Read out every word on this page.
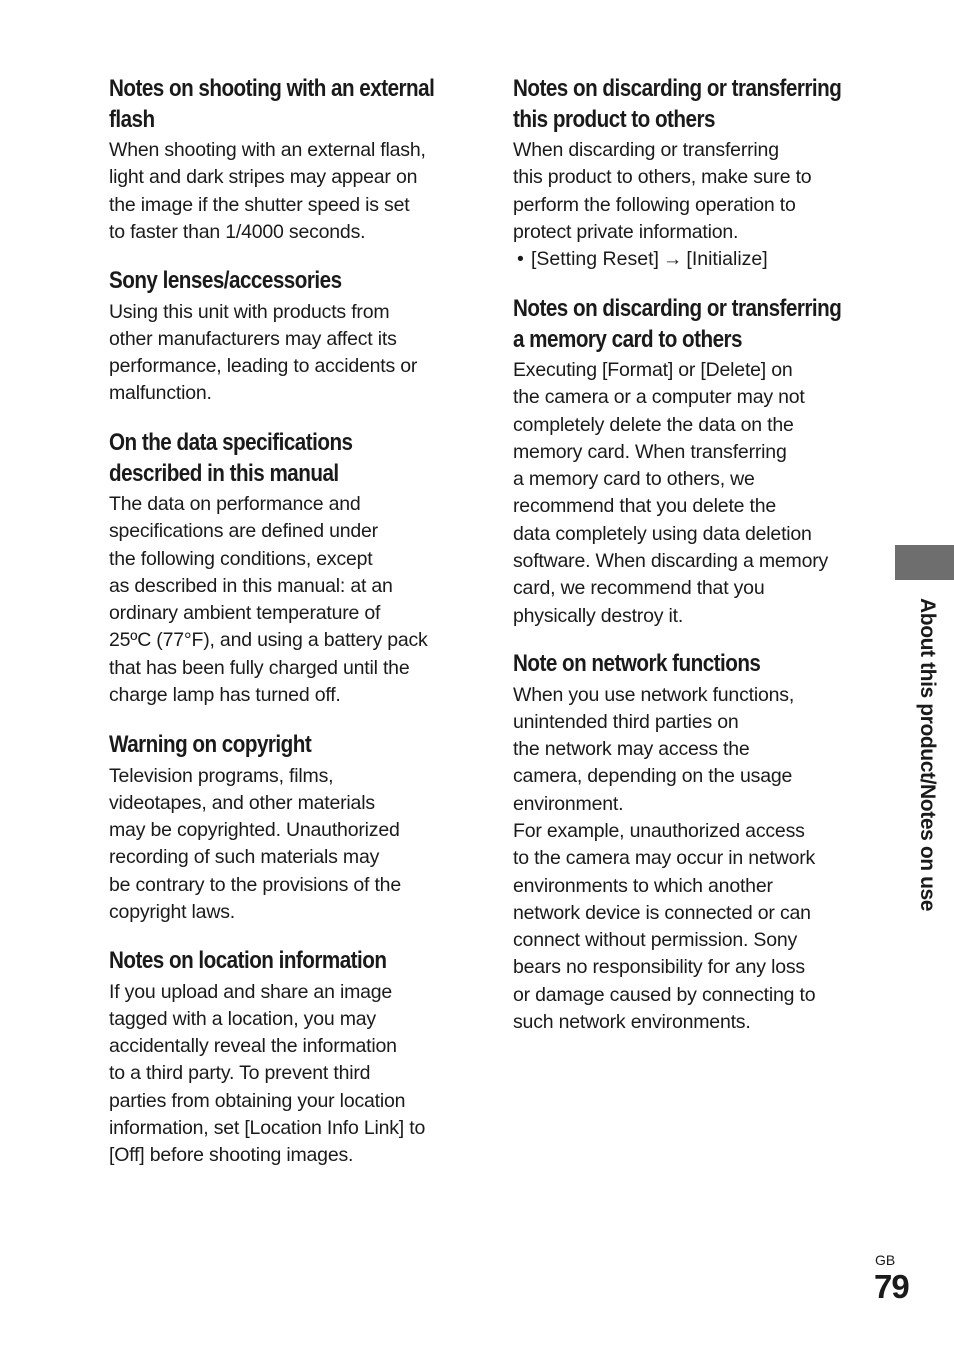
Notes on shooting with an external
flash

When shooting with an external flash,
light and dark stripes may appear on
the image if the shutter speed is set
to faster than 1/4000 seconds.

Sony lenses/accessories

Using this unit with products from
other manufacturers may affect its
performance, leading to accidents or
malfunction.

On the data specifications
described in this manual

The data on performance and
specifications are defined under
the following conditions, except
as described in this manual: at an
ordinary ambient temperature of
25ºC (77°F), and using a battery pack
that has been fully charged until the
charge lamp has turned off.

Warning on copyright

Television programs, films,
videotapes, and other materials
may be copyrighted. Unauthorized
recording of such materials may
be contrary to the provisions of the
copyright laws.

Notes on location information

If you upload and share an image
tagged with a location, you may
accidentally reveal the information
to a third party. To prevent third
parties from obtaining your location
information, set [Location Info Link] to
[Off] before shooting images.

Notes on discarding or transferring
this product to others

When discarding or transferring
this product to others, make sure to
perform the following operation to
protect private information.

• [Setting Reset] → [Initialize]
Notes on discarding or transferring
a memory card to others

Executing [Format] or [Delete] on
the camera or a computer may not
completely delete the data on the
memory card. When transferring
a memory card to others, we
recommend that you delete the
data completely using data deletion
software. When discarding a memory
card, we recommend that you
physically destroy it.

Note on network functions

When you use network functions,
unintended third parties on
the network may access the
camera, depending on the usage
environment.
For example, unauthorized access
to the camera may occur in network
environments to which another
network device is connected or can
connect without permission. Sony
bears no responsibility for any loss
or damage caused by connecting to
such network environments.

About this product/Notes on use
GB
79
